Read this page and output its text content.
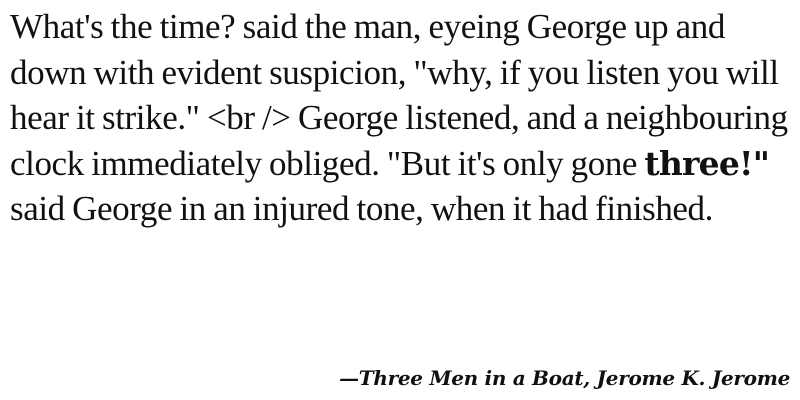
What's the time? said the man, eyeing George up and down with evident suspicion, "why, if you listen you will hear it strike." <br /> George listened, and a neighbouring clock immediately obliged. "But it's only gone three!" said George in an injured tone, when it had finished.

—Three Men in a Boat, Jerome K. Jerome
